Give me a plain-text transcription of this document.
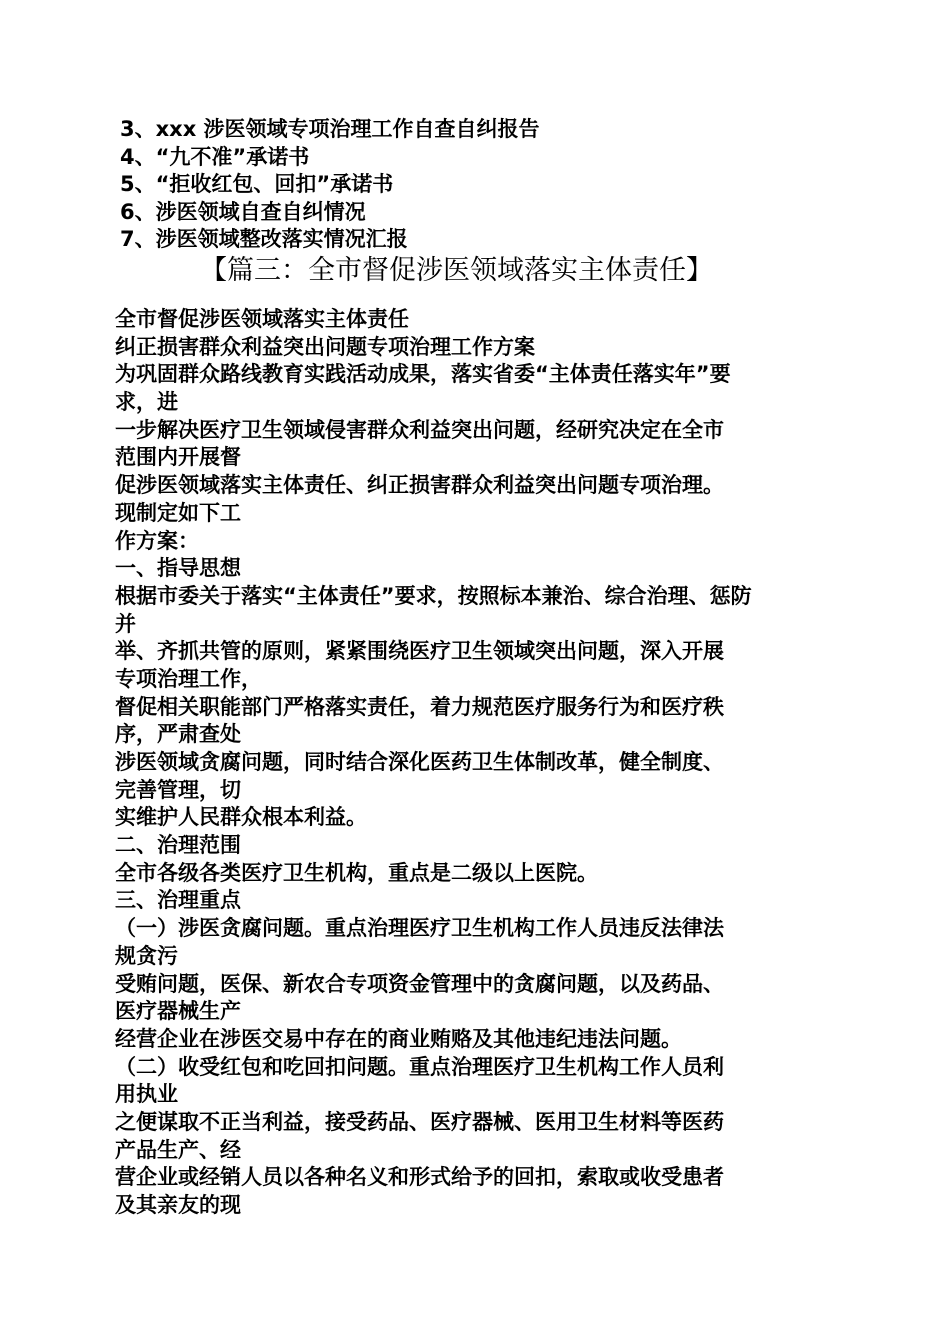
3、xxx 涉医领域专项治理工作自查自纠报告
4、“九不准”承诺书
5、“拒收红包、回扣”承诺书
6、涉医领域自查自纠情况
7、涉医领域整改落实情况汇报
【篇三：全市督促涉医领域落实主体责任】
全市督促涉医领域落实主体责任
纠正损害群众利益突出问题专项治理工作方案
为巩固群众路线教育实践活动成果，落实省委“主体责任落实年”要
求，进
一步解决医疗卫生领域侵害群众利益突出问题，经研究决定在全市
范围内开展督
促涉医领域落实主体责任、纠正损害群众利益突出问题专项治理。
现制定如下工
作方案：
一、指导思想
根据市委关于落实“主体责任”要求，按照标本兼治、综合治理、惩防
并
举、齐抓共管的原则，紧紧围绕医疗卫生领域突出问题，深入开展
专项治理工作，
督促相关职能部门严格落实责任，着力规范医疗服务行为和医疗秩
序，严肃查处
涉医领域贪腐问题，同时结合深化医药卫生体制改革，健全制度、
完善管理，切
实维护人民群众根本利益。
二、治理范围
全市各级各类医疗卫生机构，重点是二级以上医院。
三、治理重点
（一）涉医贪腐问题。重点治理医疗卫生机构工作人员违反法律法
规贪污
受贿问题，医保、新农合专项资金管理中的贪腐问题，以及药品、
医疗器械生产
经营企业在涉医交易中存在的商业贿赂及其他违纪违法问题。
（二）收受红包和吃回扣问题。重点治理医疗卫生机构工作人员利
用执业
之便谋取不正当利益，接受药品、医疗器械、医用卫生材料等医药
产品生产、经
营企业或经销人员以各种名义和形式给予的回扣，索取或收受患者
及其亲友的现
